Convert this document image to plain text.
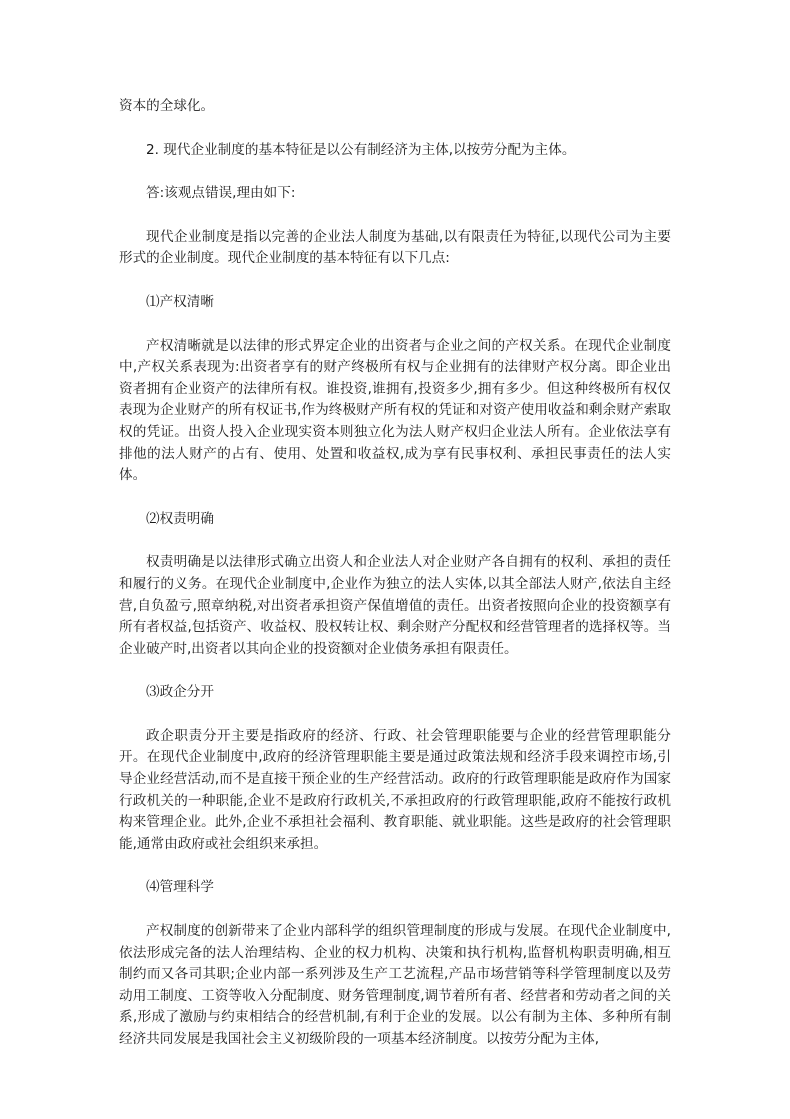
资本的全球化。

2. 现代企业制度的基本特征是以公有制经济为主体,以按劳分配为主体。

答:该观点错误,理由如下:

现代企业制度是指以完善的企业法人制度为基础,以有限责任为特征,以现代公司为主要形式的企业制度。现代企业制度的基本特征有以下几点:

⑴产权清晰

产权清晰就是以法律的形式界定企业的出资者与企业之间的产权关系。在现代企业制度中,产权关系表现为:出资者享有的财产终极所有权与企业拥有的法律财产权分离。即企业出资者拥有企业资产的法律所有权。谁投资,谁拥有,投资多少,拥有多少。但这种终极所有权仅表现为企业财产的所有权证书,作为终极财产所有权的凭证和对资产使用收益和剩余财产索取权的凭证。出资人投入企业现实资本则独立化为法人财产权归企业法人所有。企业依法享有排他的法人财产的占有、使用、处置和收益权,成为享有民事权利、承担民事责任的法人实体。

⑵权责明确

权责明确是以法律形式确立出资人和企业法人对企业财产各自拥有的权利、承担的责任和履行的义务。在现代企业制度中,企业作为独立的法人实体,以其全部法人财产,依法自主经营,自负盈亏,照章纳税,对出资者承担资产保值增值的责任。出资者按照向企业的投资额享有所有者权益,包括资产、收益权、股权转让权、剩余财产分配权和经营管理者的选择权等。当企业破产时,出资者以其向企业的投资额对企业债务承担有限责任。

⑶政企分开

政企职责分开主要是指政府的经济、行政、社会管理职能要与企业的经营管理职能分开。在现代企业制度中,政府的经济管理职能主要是通过政策法规和经济手段来调控市场,引导企业经营活动,而不是直接干预企业的生产经营活动。政府的行政管理职能是政府作为国家行政机关的一种职能,企业不是政府行政机关,不承担政府的行政管理职能,政府不能按行政机构来管理企业。此外,企业不承担社会福利、教育职能、就业职能。这些是政府的社会管理职能,通常由政府或社会组织来承担。

⑷管理科学

产权制度的创新带来了企业内部科学的组织管理制度的形成与发展。在现代企业制度中,依法形成完备的法人治理结构、企业的权力机构、决策和执行机构,监督机构职责明确,相互制约而又各司其职;企业内部一系列涉及生产工艺流程,产品市场营销等科学管理制度以及劳动用工制度、工资等收入分配制度、财务管理制度,调节着所有者、经营者和劳动者之间的关系,形成了激励与约束相结合的经营机制,有利于企业的发展。以公有制为主体、多种所有制经济共同发展是我国社会主义初级阶段的一项基本经济制度。以按劳分配为主体,
